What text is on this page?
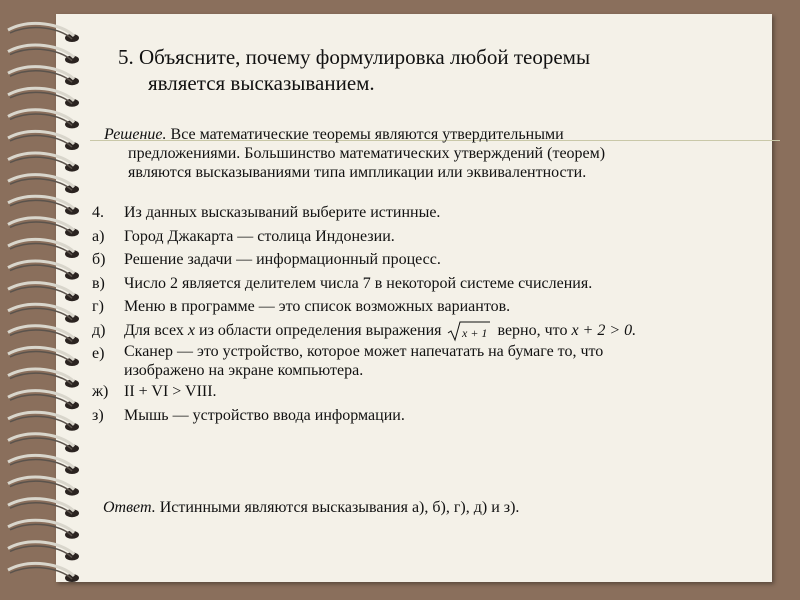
5. Объясните, почему формулировка любой теоремы
является высказыванием.
Решение. Все математические теоремы являются утвердительными
предложениями. Большинство математических утверждений (теорем)
являются высказываниями типа импликации или эквивалентности.
4.	Из данных высказываний выберите истинные.
а)	Город Джакарта — столица Индонезии.
б)	Решение задачи — информационный процесс.
в)	Число 2 является делителем числа 7 в некоторой системе счисления.
г)	Меню в программе — это список возможных вариантов.
д)	Для всех x из области определения выражения x + 1 верно, что x + 2 > 0.
е)	Сканер — это устройство, которое может напечатать на бумаге то, что
изображено на экране компьютера.
ж) II + VI > VIII.
з)	Мышь — устройство ввода информации.
Ответ. Истинными являются высказывания а), б), г), д) и з).
